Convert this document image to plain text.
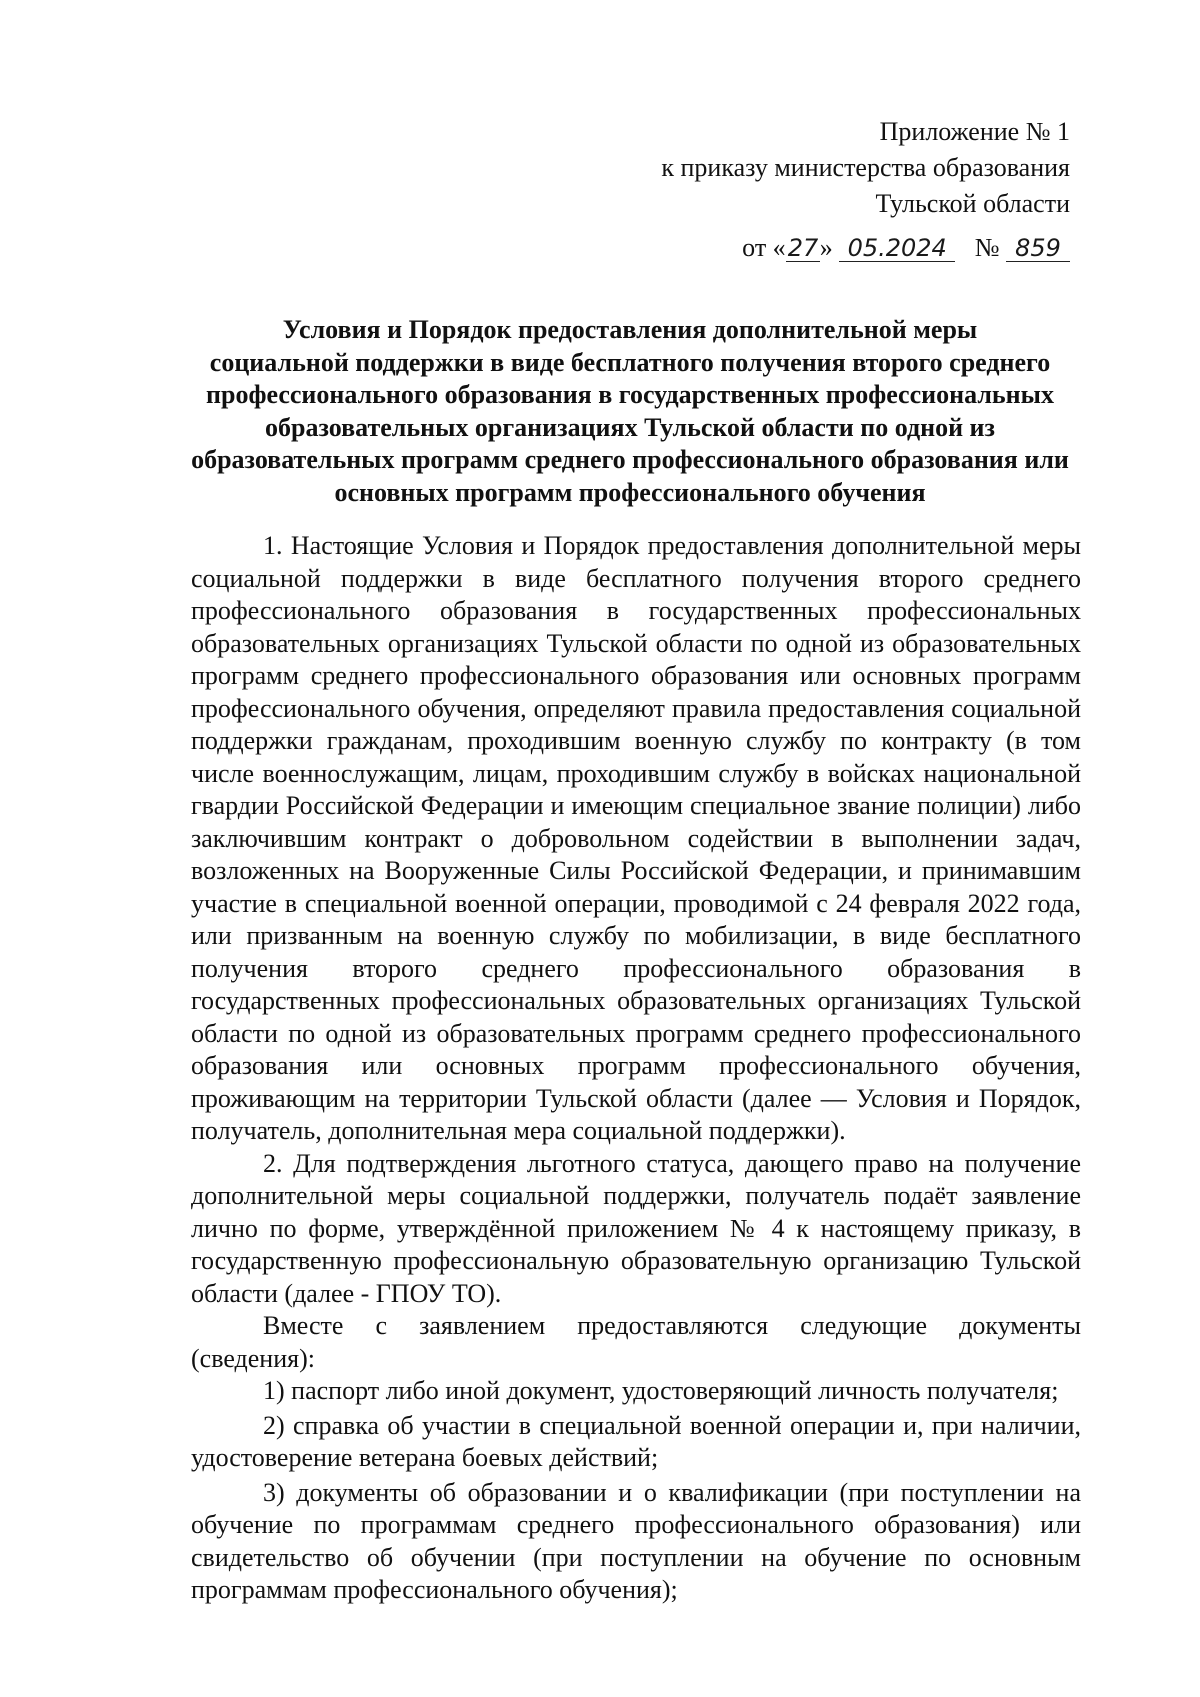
Приложение № 1
к приказу министерства образования
Тульской области
от «27» 05.2024 № 859
Условия и Порядок предоставления дополнительной меры
социальной поддержки в виде бесплатного получения второго среднего
профессионального образования в государственных профессиональных
образовательных организациях Тульской области по одной из
образовательных программ среднего профессионального образования или
основных программ профессионального обучения

1. Настоящие Условия и Порядок предоставления дополнительной меры социальной поддержки в виде бесплатного получения второго среднего профессионального образования в государственных профессиональных образовательных организациях Тульской области по одной из образовательных программ среднего профессионального образования или основных программ профессионального обучения, определяют правила предоставления социальной поддержки гражданам, проходившим военную службу по контракту (в том числе военнослужащим, лицам, проходившим службу в войсках национальной гвардии Российской Федерации и имеющим специальное звание полиции) либо заключившим контракт о добровольном содействии в выполнении задач, возложенных на Вооруженные Силы Российской Федерации, и принимавшим участие в специальной военной операции, проводимой с 24 февраля 2022 года, или призванным на военную службу по мобилизации, в виде бесплатного получения второго среднего профессионального образования в государственных профессиональных образовательных организациях Тульской области по одной из образовательных программ среднего профессионального образования или основных программ профессионального обучения, проживающим на территории Тульской области (далее — Условия и Порядок, получатель, дополнительная мера социальной поддержки).

2. Для подтверждения льготного статуса, дающего право на получение дополнительной меры социальной поддержки, получатель подаёт заявление лично по форме, утверждённой приложением № 4 к настоящему приказу, в государственную профессиональную образовательную организацию Тульской области (далее - ГПОУ ТО).

Вместе с заявлением предоставляются следующие документы (сведения):

1) паспорт либо иной документ, удостоверяющий личность получателя;

2) справка об участии в специальной военной операции и, при наличии, удостоверение ветерана боевых действий;

3) документы об образовании и о квалификации (при поступлении на обучение по программам среднего профессионального образования) или свидетельство об обучении (при поступлении на обучение по основным программам профессионального обучения);
